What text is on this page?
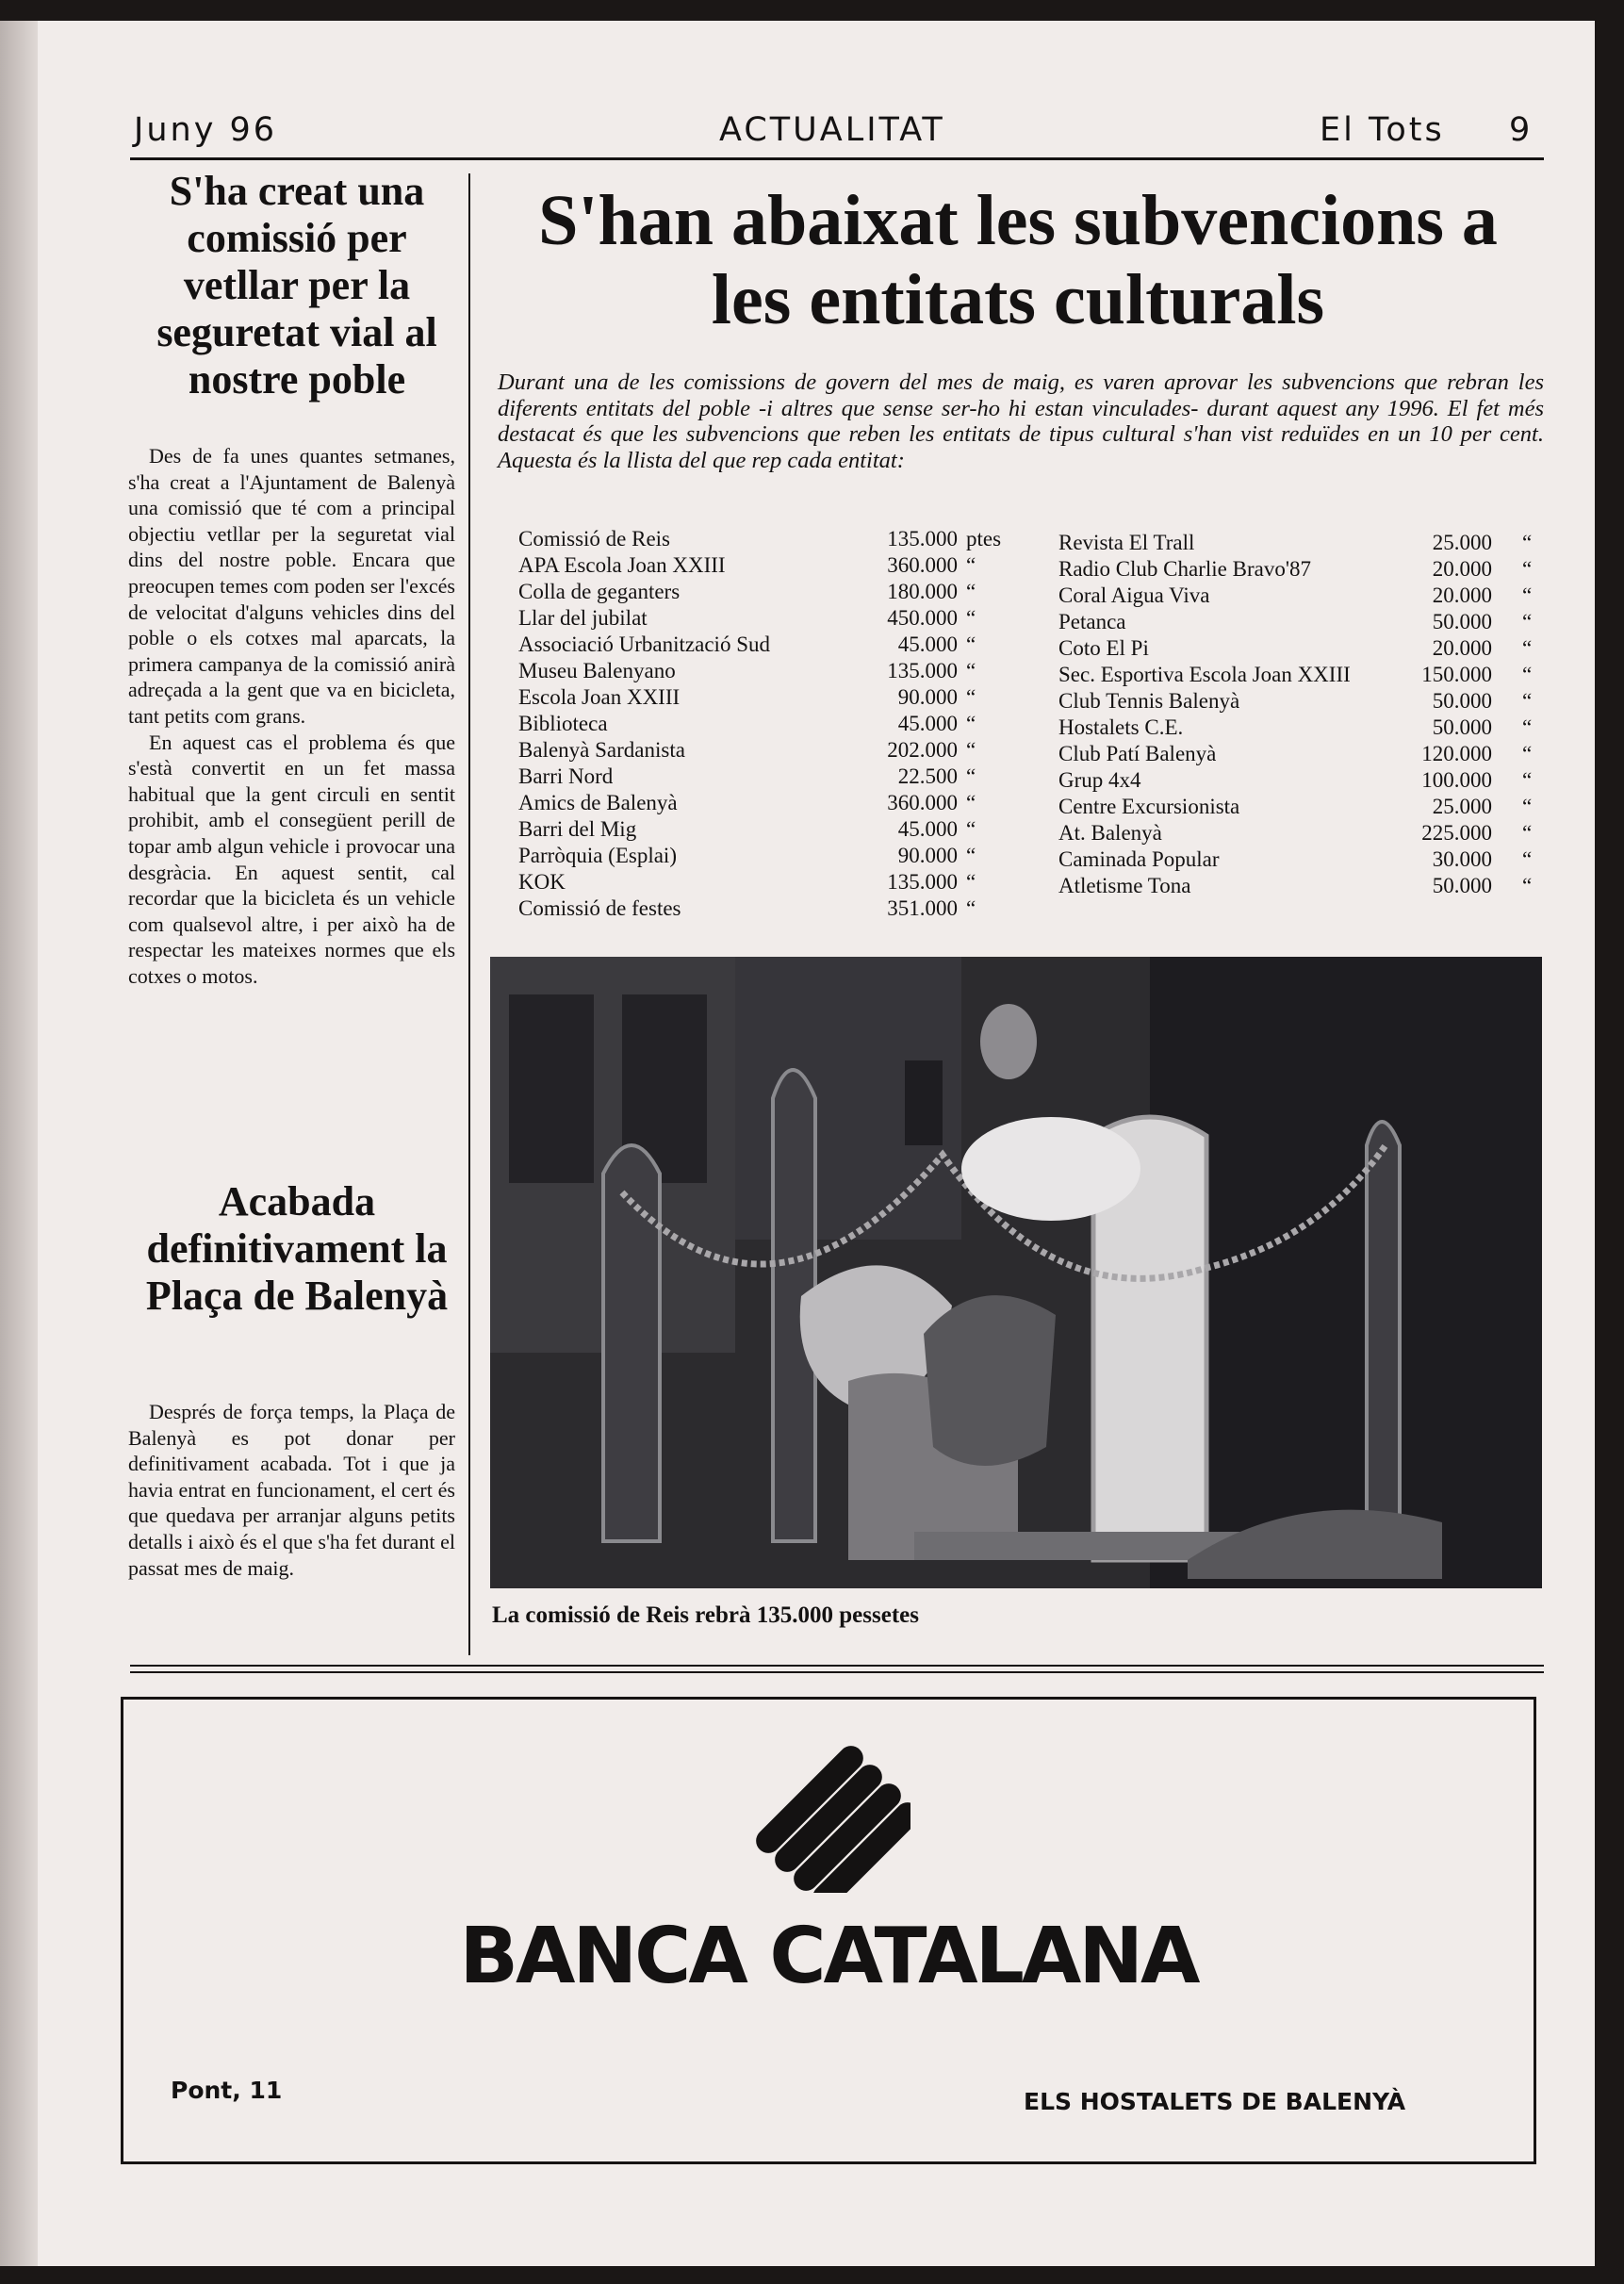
Juny 96	ACTUALITAT	El Tots 9
S'ha creat una comissió per vetllar per la seguretat vial al nostre poble

Des de fa unes quantes setmanes, s'ha creat a l'Ajuntament de Balenyà una comissió que té com a principal objectiu vetllar per la seguretat vial dins del nostre poble. Encara que preocupen temes com poden ser l'excés de velocitat d'alguns vehicles dins del poble o els cotxes mal aparcats, la primera campanya de la comissió anirà adreçada a la gent que va en bicicleta, tant petits com grans.

En aquest cas el problema és que s'està convertit en un fet massa habitual que la gent circuli en sentit prohibit, amb el consegüent perill de topar amb algun vehicle i provocar una desgràcia. En aquest sentit, cal recordar que la bicicleta és un vehicle com qualsevol altre, i per això ha de respectar les mateixes normes que els cotxes o motos.

Acabada definitivament la Plaça de Balenyà

Després de força temps, la Plaça de Balenyà es pot donar per definitivament acabada. Tot i que ja havia entrat en funcionament, el cert és que quedava per arranjar alguns petits detalls i això és el que s'ha fet durant el passat mes de maig.

S'han abaixat les subvencions a les entitats culturals

Durant una de les comissions de govern del mes de maig, es varen aprovar les subvencions que rebran les diferents entitats del poble -i altres que sense ser-ho hi estan vinculades- durant aquest any 1996. El fet més destacat és que les subvencions que reben les entitats de tipus cultural s'han vist reduïdes en un 10 per cent. Aquesta és la llista del que rep cada entitat:

Comissió de Reis	135.000 ptes
APA Escola Joan XXIII	360.000 “
Colla de geganters	180.000 “
Llar del jubilat	450.000 “
Associació Urbanització Sud	45.000 “
Museu Balenyano	135.000 “
Escola Joan XXIII	90.000 “
Biblioteca	45.000 “
Balenyà Sardanista	202.000 “
Barri Nord	22.500 “
Amics de Balenyà	360.000 “
Barri del Mig	45.000 “
Parròquia (Esplai)	90.000 “
KOK	135.000 “
Comissió de festes	351.000 “
Revista El Trall	25.000 “
Radio Club Charlie Bravo'87	20.000 “
Coral Aigua Viva	20.000 “
Petanca	50.000 “
Coto El Pi	20.000 “
Sec. Esportiva Escola Joan XXIII	150.000 “
Club Tennis Balenyà	50.000 “
Hostalets C.E.	50.000 “
Club Patí Balenyà	120.000 “
Grup 4x4	100.000 “
Centre Excursionista	25.000 “
At. Balenyà	225.000 “
Caminada Popular	30.000 “
Atletisme Tona	50.000 “

La comissió de Reis rebrà 135.000 pessetes

BANCA CATALANA
Pont, 11	ELS HOSTALETS DE BALENYÀ
